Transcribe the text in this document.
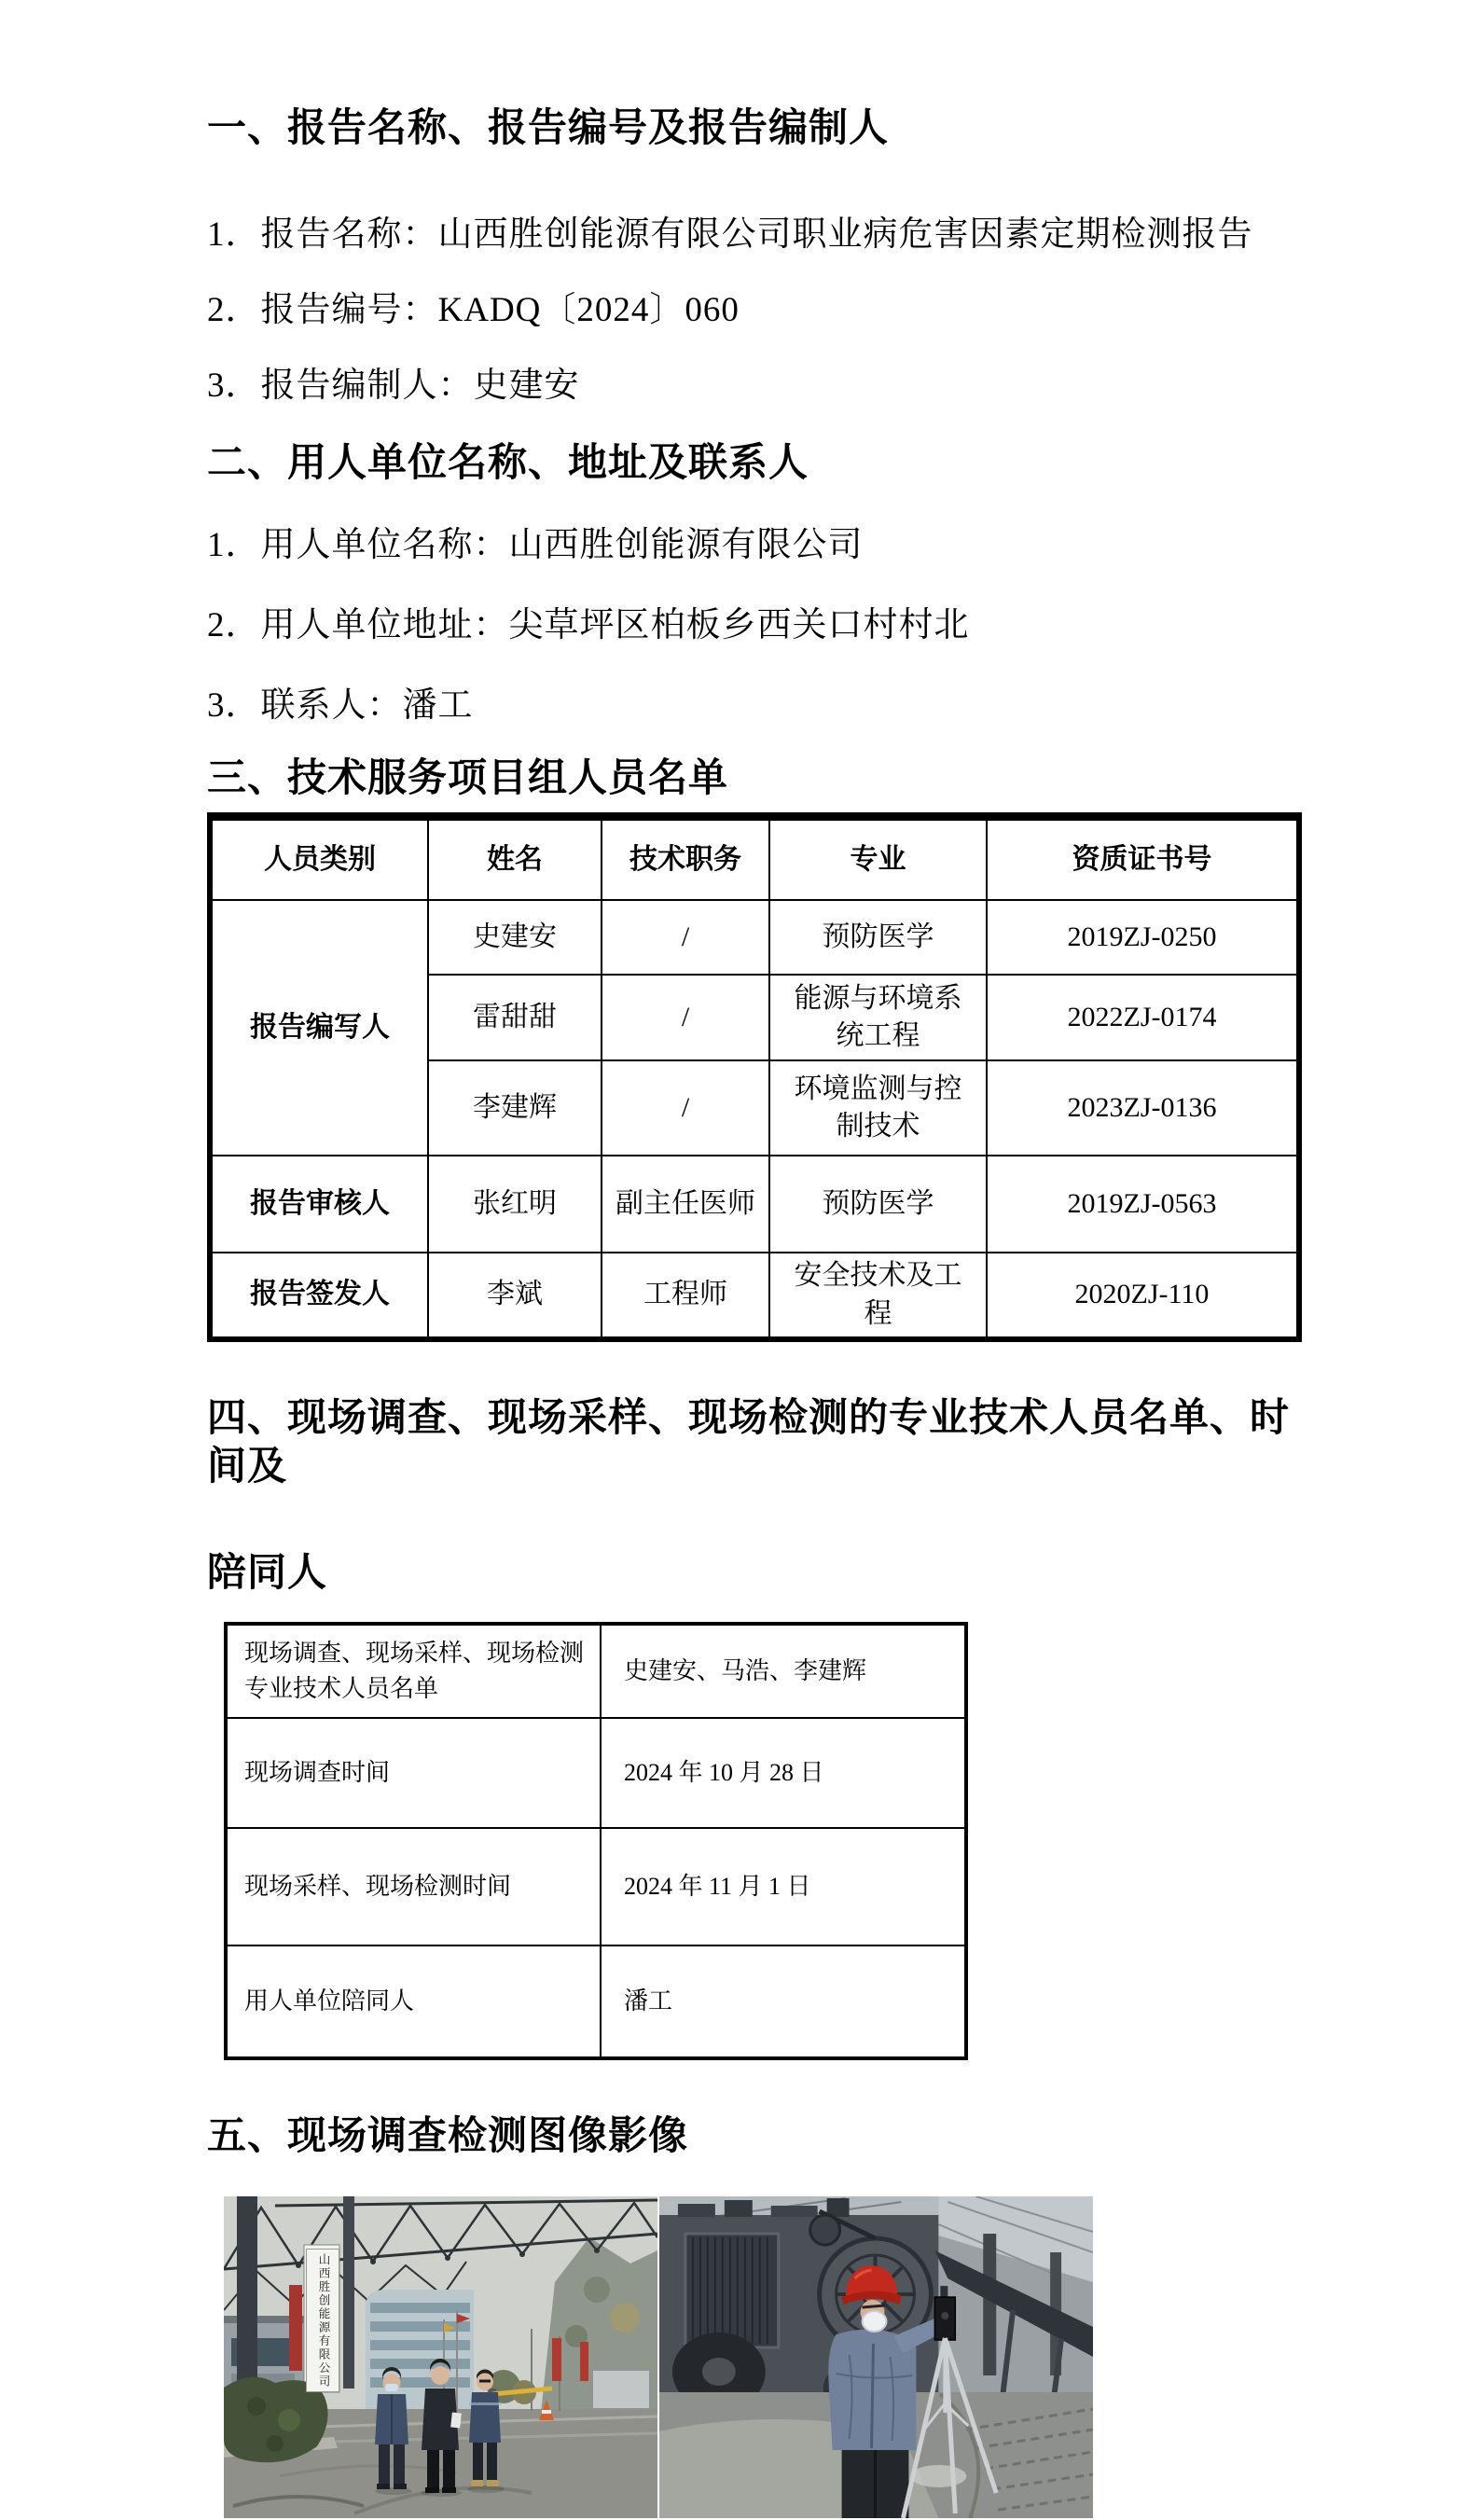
一、报告名称、报告编号及报告编制人

1．报告名称：山西胜创能源有限公司职业病危害因素定期检测报告

2．报告编号：KADQ〔2024〕060

3．报告编制人：史建安

二、用人单位名称、地址及联系人

1．用人单位名称：山西胜创能源有限公司

2．用人单位地址：尖草坪区柏板乡西关口村村北

3．联系人：潘工

三、技术服务项目组人员名单
人员类别	姓名	技术职务	专业	资质证书号
报告编写人	史建安	/	预防医学	2019ZJ-0250
	雷甜甜	/	能源与环境系统工程	2022ZJ-0174
	李建辉	/	环境监测与控制技术	2023ZJ-0136
报告审核人	张红明	副主任医师	预防医学	2019ZJ-0563
报告签发人	李斌	工程师	安全技术及工程	2020ZJ-110
四、现场调查、现场采样、现场检测的专业技术人员名单、时间及
陪同人
现场调查、现场采样、现场检测专业技术人员名单	史建安、马浩、李建辉
现场调查时间	2024 年 10 月 28 日
现场采样、现场检测时间	2024 年 11 月 1 日
用人单位陪同人	潘工
五、现场调查检测图像影像
山西胜创能源有限公司
